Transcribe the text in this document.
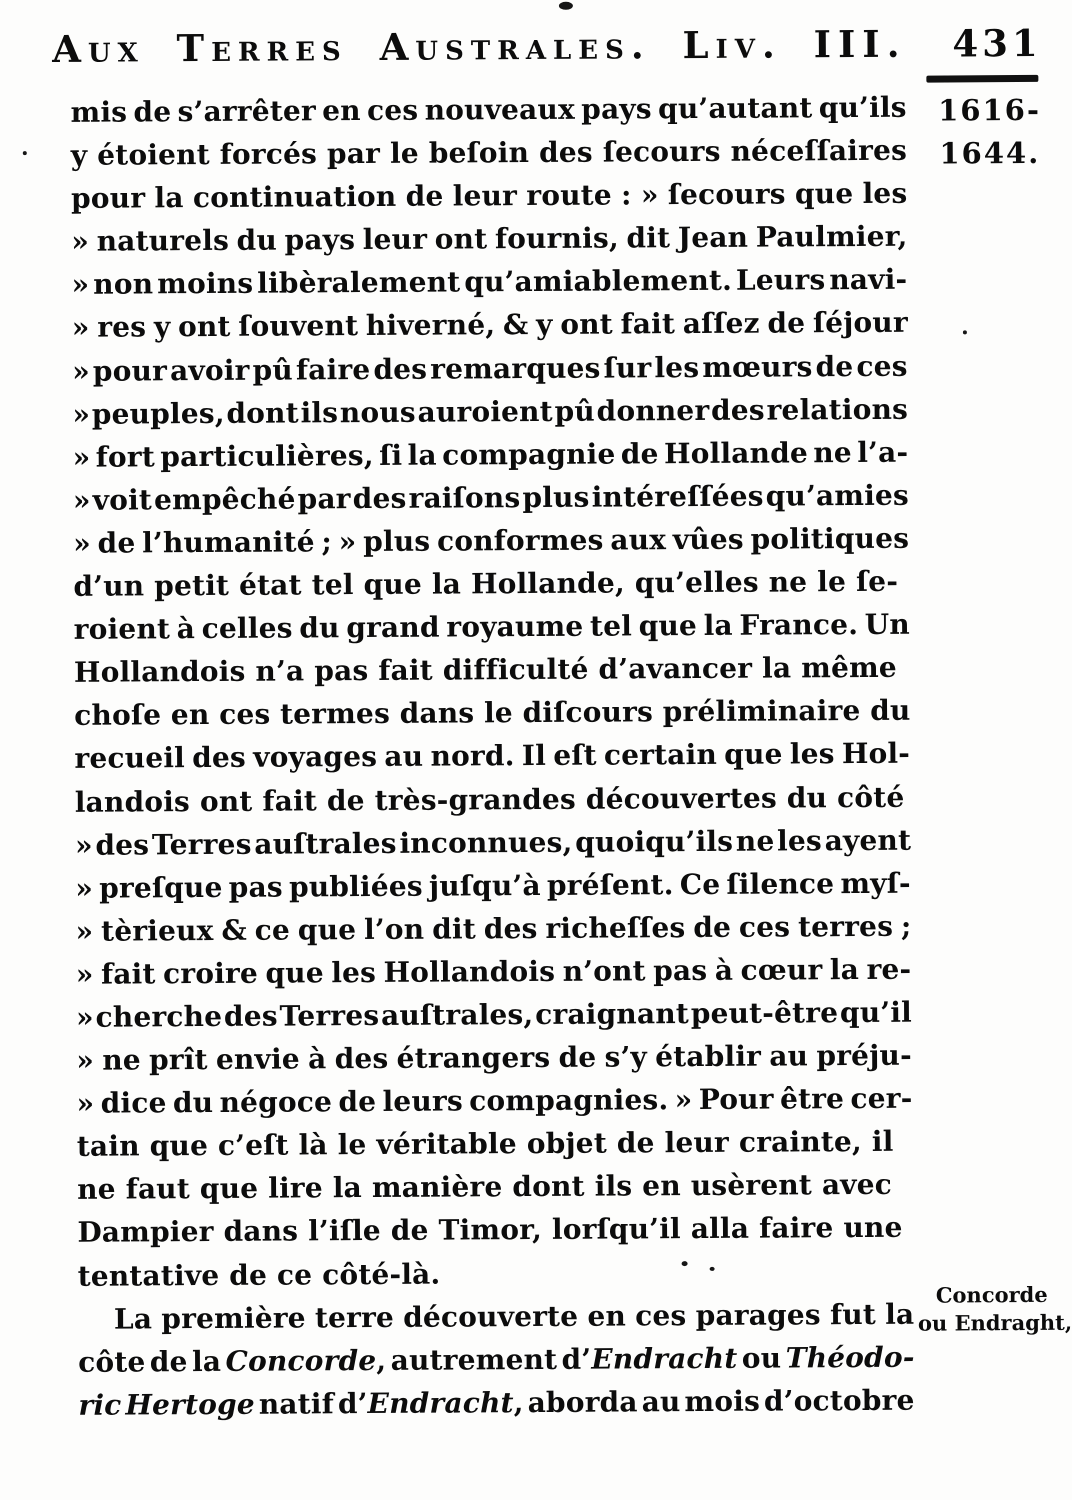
Aux Terres Australes. Liv. III. 431
1616-
1644.
mis de s’arrêter en ces nouveaux pays qu’autant qu’ils
y étoient forcés par le beſoin des ſecours néceſſaires
pour la continuation de leur route : » ſecours que les
» naturels du pays leur ont fournis, dit Jean Paulmier,
» non moins libèralement qu’amiablement. Leurs navi-
» res y ont ſouvent hiverné, & y ont fait aſſez de ſéjour
» pour avoir pû faire des remarques ſur les mœurs de ces
» peuples, dont ils nous auroient pû donner des relations
» fort particulières, ſi la compagnie de Hollande ne l’a-
» voit empêché par des raiſons plus intéreſſées qu’amies
» de l’humanité ; » plus conformes aux vûes politiques
d’un petit état tel que la Hollande, qu’elles ne le ſe-
roient à celles du grand royaume tel que la France. Un
Hollandois n’a pas fait difficulté d’avancer la même
choſe en ces termes dans le diſcours préliminaire du
recueil des voyages au nord. Il eſt certain que les Hol-
landois ont fait de très-grandes découvertes du côté
» des Terres auſtrales inconnues, quoiqu’ils ne les ayent
» preſque pas publiées juſqu’à préſent. Ce ſilence myſ-
» tèrieux & ce que l’on dit des richeſſes de ces terres ;
» fait croire que les Hollandois n’ont pas à cœur la re-
» cherche des Terres auſtrales, craignant peut-être qu’il
» ne prît envie à des étrangers de s’y établir au préju-
» dice du négoce de leurs compagnies. » Pour être cer-
tain que c’eſt là le véritable objet de leur crainte, il
ne faut que lire la manière dont ils en usèrent avec
Dampier dans l’iſle de Timor, lorſqu’il alla faire une
tentative de ce côté-là.
La première terre découverte en ces parages fut la
côte de la Concorde, autrement d’Endracht ou Théodo-
ric Hertoge natif d’Endracht, aborda au mois d’octobre
Concorde
ou Endraght,
